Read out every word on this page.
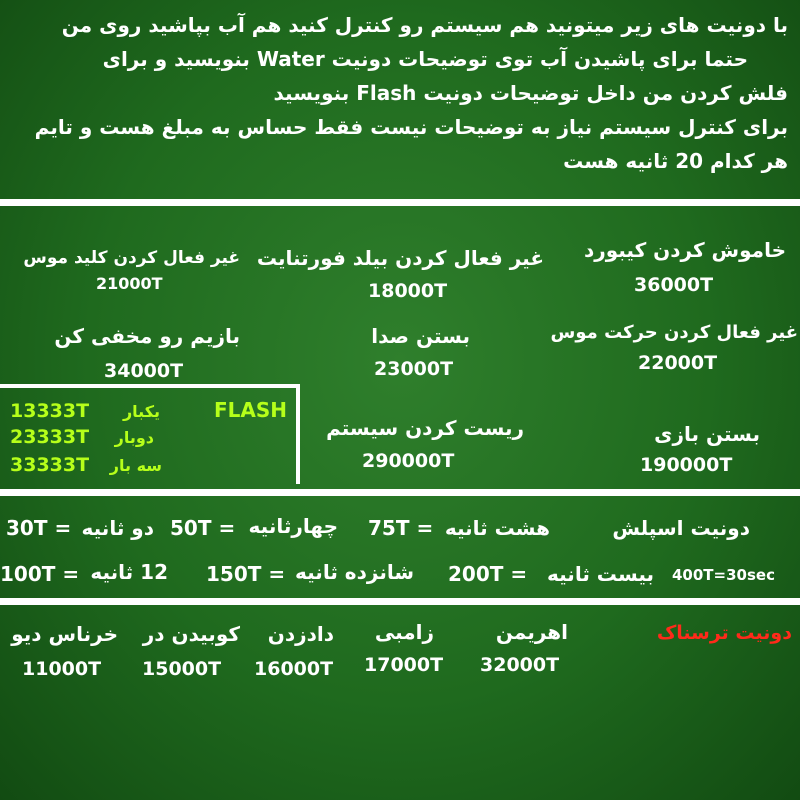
با دونیت های زیر میتونید هم سیستم رو کنترل کنید هم آب بپاشید روی من
حتما برای پاشیدن آب توی توضیحات دونیت Water بنویسید و برای
فلش کردن من داخل توضیحات دونیت Flash بنویسید
برای کنترل سیستم نیاز به توضیحات نیست فقط حساس به مبلغ هست و تایم
هر کدام 20 ثانیه هست
خاموش کردن کیبورد
36000T
غیر فعال کردن بیلد فورتنایت
18000T
غیر فعال کردن کلید موس
21000T
غیر فعال کردن حرکت موس
22000T
بستن صدا
23000T
بازیم رو مخفی کن
34000T
بستن بازی
190000T
ریست کردن سیستم
290000T
FLASH
13333T یکبار
23333T دوبار
33333T سه بار
دونیت اسپلش
هشت ثانیه
75T =
چهارثانیه
50T =
دو ثانیه
30T =
بیست ثانیه
200T =
شانزده ثانیه
150T =
12 ثانیه
100T =	400T=30sec
دونیت ترسناک
اهریمن
32000T
زامبی
17000T
دادزدن
16000T
کوبیدن در
15000T
خرناس دیو
11000T
